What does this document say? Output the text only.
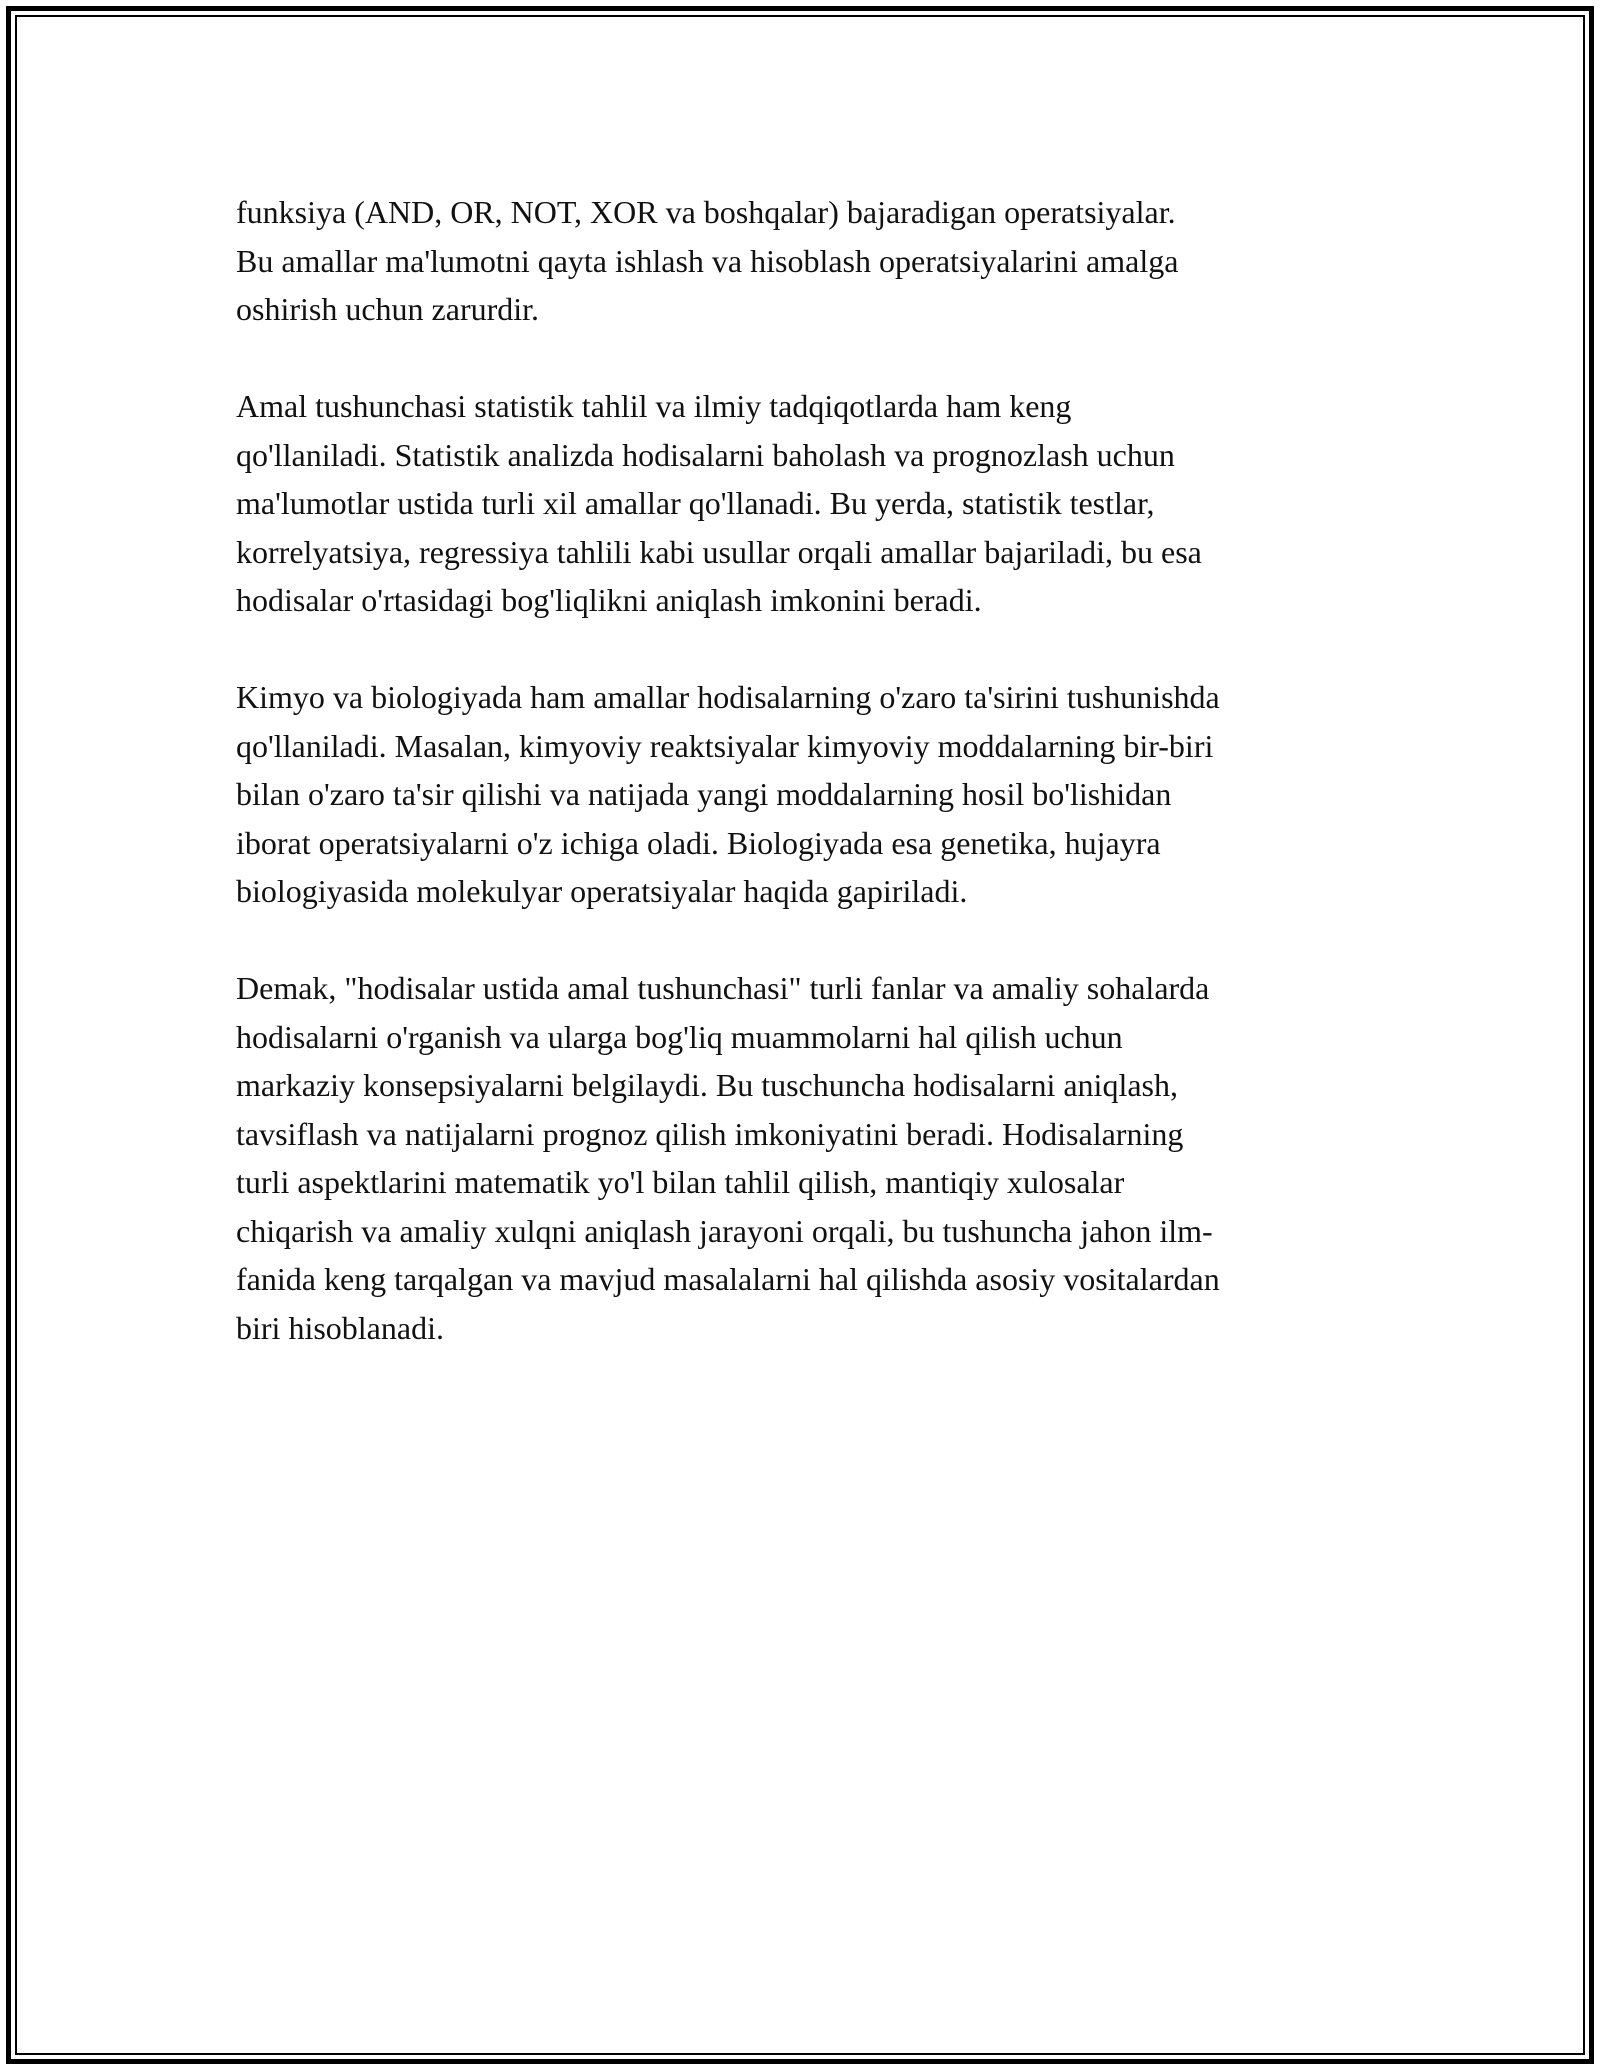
funksiya (AND, OR, NOT, XOR va boshqalar) bajaradigan operatsiyalar.
Bu amallar ma'lumotni qayta ishlash va hisoblash operatsiyalarini amalga
oshirish uchun zarurdir.

Amal tushunchasi statistik tahlil va ilmiy tadqiqotlarda ham keng
qo'llaniladi. Statistik analizda hodisalarni baholash va prognozlash uchun
ma'lumotlar ustida turli xil amallar qo'llanadi. Bu yerda, statistik testlar,
korrelyatsiya, regressiya tahlili kabi usullar orqali amallar bajariladi, bu esa
hodisalar o'rtasidagi bog'liqlikni aniqlash imkonini beradi.

Kimyo va biologiyada ham amallar hodisalarning o'zaro ta'sirini tushunishda
qo'llaniladi. Masalan, kimyoviy reaktsiyalar kimyoviy moddalarning bir-biri
bilan o'zaro ta'sir qilishi va natijada yangi moddalarning hosil bo'lishidan
iborat operatsiyalarni o'z ichiga oladi. Biologiyada esa genetika, hujayra
biologiyasida molekulyar operatsiyalar haqida gapiriladi.

Demak, "hodisalar ustida amal tushunchasi" turli fanlar va amaliy sohalarda
hodisalarni o'rganish va ularga bog'liq muammolarni hal qilish uchun
markaziy konsepsiyalarni belgilaydi. Bu tuschuncha hodisalarni aniqlash,
tavsiflash va natijalarni prognoz qilish imkoniyatini beradi. Hodisalarning
turli aspektlarini matematik yo'l bilan tahlil qilish, mantiqiy xulosalar
chiqarish va amaliy xulqni aniqlash jarayoni orqali, bu tushuncha jahon ilm-
fanida keng tarqalgan va mavjud masalalarni hal qilishda asosiy vositalardan
biri hisoblanadi.
